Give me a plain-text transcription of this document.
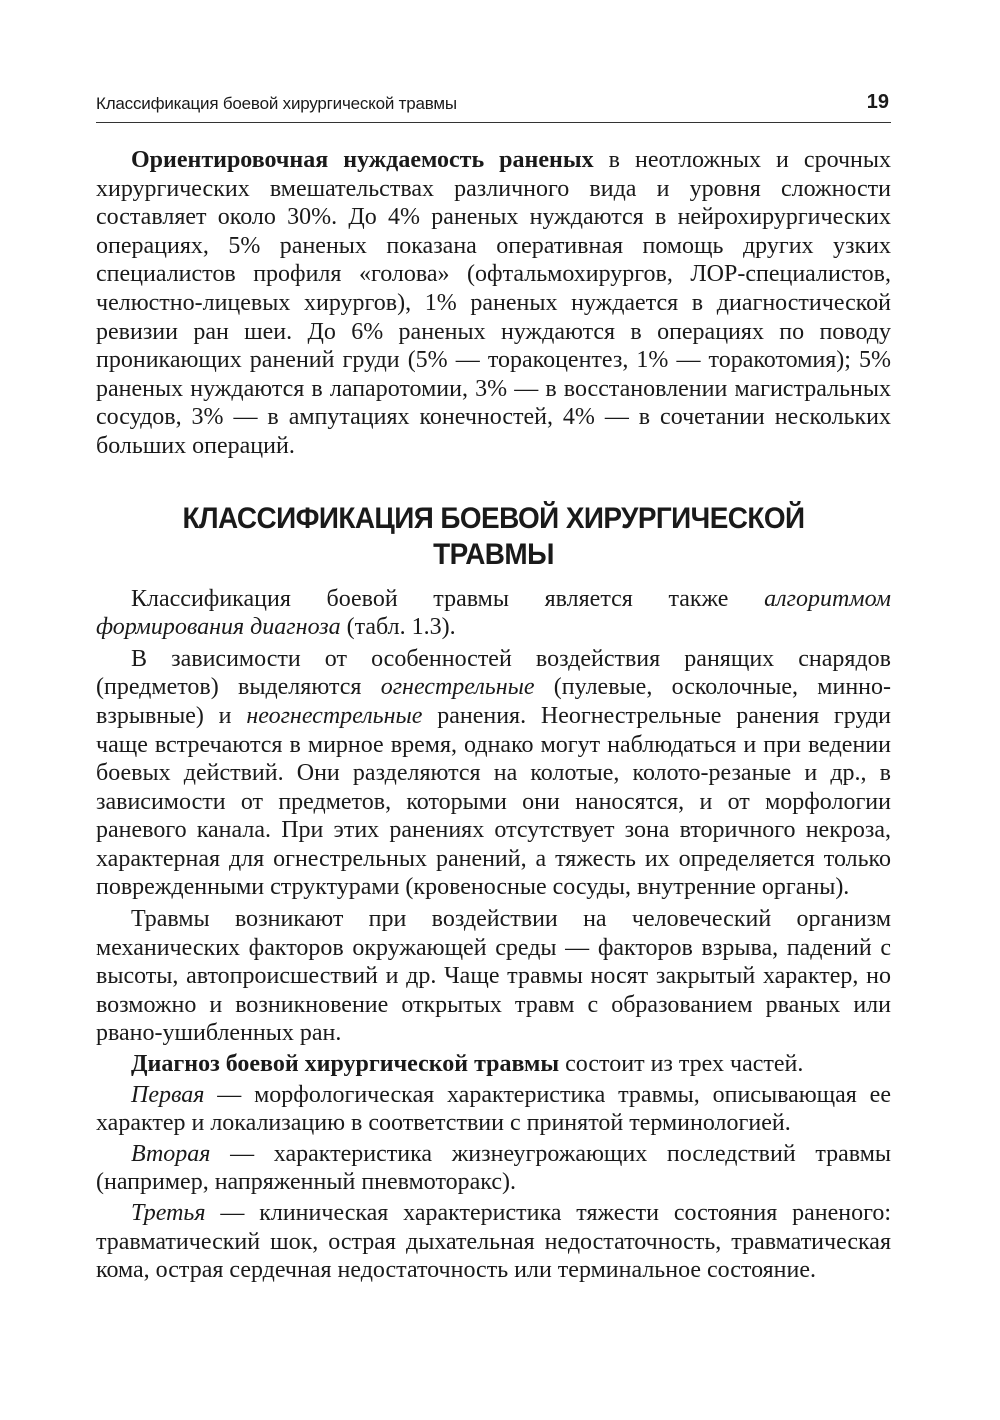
Классификация боевой хирургической травмы	19

Ориентировочная нуждаемость раненых в неотложных и срочных хирургических вмешательствах различного вида и уровня сложности составляет около 30%. До 4% раненых нуждаются в нейрохирургических операциях, 5% раненых показана оперативная помощь других узких специалистов профиля «голова» (офтальмохирургов, ЛОР-специалистов, челюстно-лицевых хирургов), 1% раненых нуждается в диагностической ревизии ран шеи. До 6% раненых нуждаются в операциях по поводу проникающих ранений груди (5% — торакоцентез, 1% — торакотомия); 5% раненых нуждаются в лапаротомии, 3% — в восстановлении магистральных сосудов, 3% — в ампутациях конечностей, 4% — в сочетании нескольких больших операций.

КЛАССИФИКАЦИЯ БОЕВОЙ ХИРУРГИЧЕСКОЙ ТРАВМЫ

Классификация боевой травмы является также алгоритмом формирования диагноза (табл. 1.3).

В зависимости от особенностей воздействия ранящих снарядов (предметов) выделяются огнестрельные (пулевые, осколочные, минно-взрывные) и неогнестрельные ранения. Неогнестрельные ранения груди чаще встречаются в мирное время, однако могут наблюдаться и при ведении боевых действий. Они разделяются на колотые, колото-резаные и др., в зависимости от предметов, которыми они наносятся, и от морфологии раневого канала. При этих ранениях отсутствует зона вторичного некроза, характерная для огнестрельных ранений, а тяжесть их определяется только поврежденными структурами (кровеносные сосуды, внутренние органы).

Травмы возникают при воздействии на человеческий организм механических факторов окружающей среды — факторов взрыва, падений с высоты, автопроисшествий и др. Чаще травмы носят закрытый характер, но возможно и возникновение открытых травм с образованием рваных или рвано-ушибленных ран.

Диагноз боевой хирургической травмы состоит из трех частей.

Первая — морфологическая характеристика травмы, описывающая ее характер и локализацию в соответствии с принятой терминологией.

Вторая — характеристика жизнеугрожающих последствий травмы (например, напряженный пневмоторакс).

Третья — клиническая характеристика тяжести состояния раненого: травматический шок, острая дыхательная недостаточность, травматическая кома, острая сердечная недостаточность или терминальное состояние.
